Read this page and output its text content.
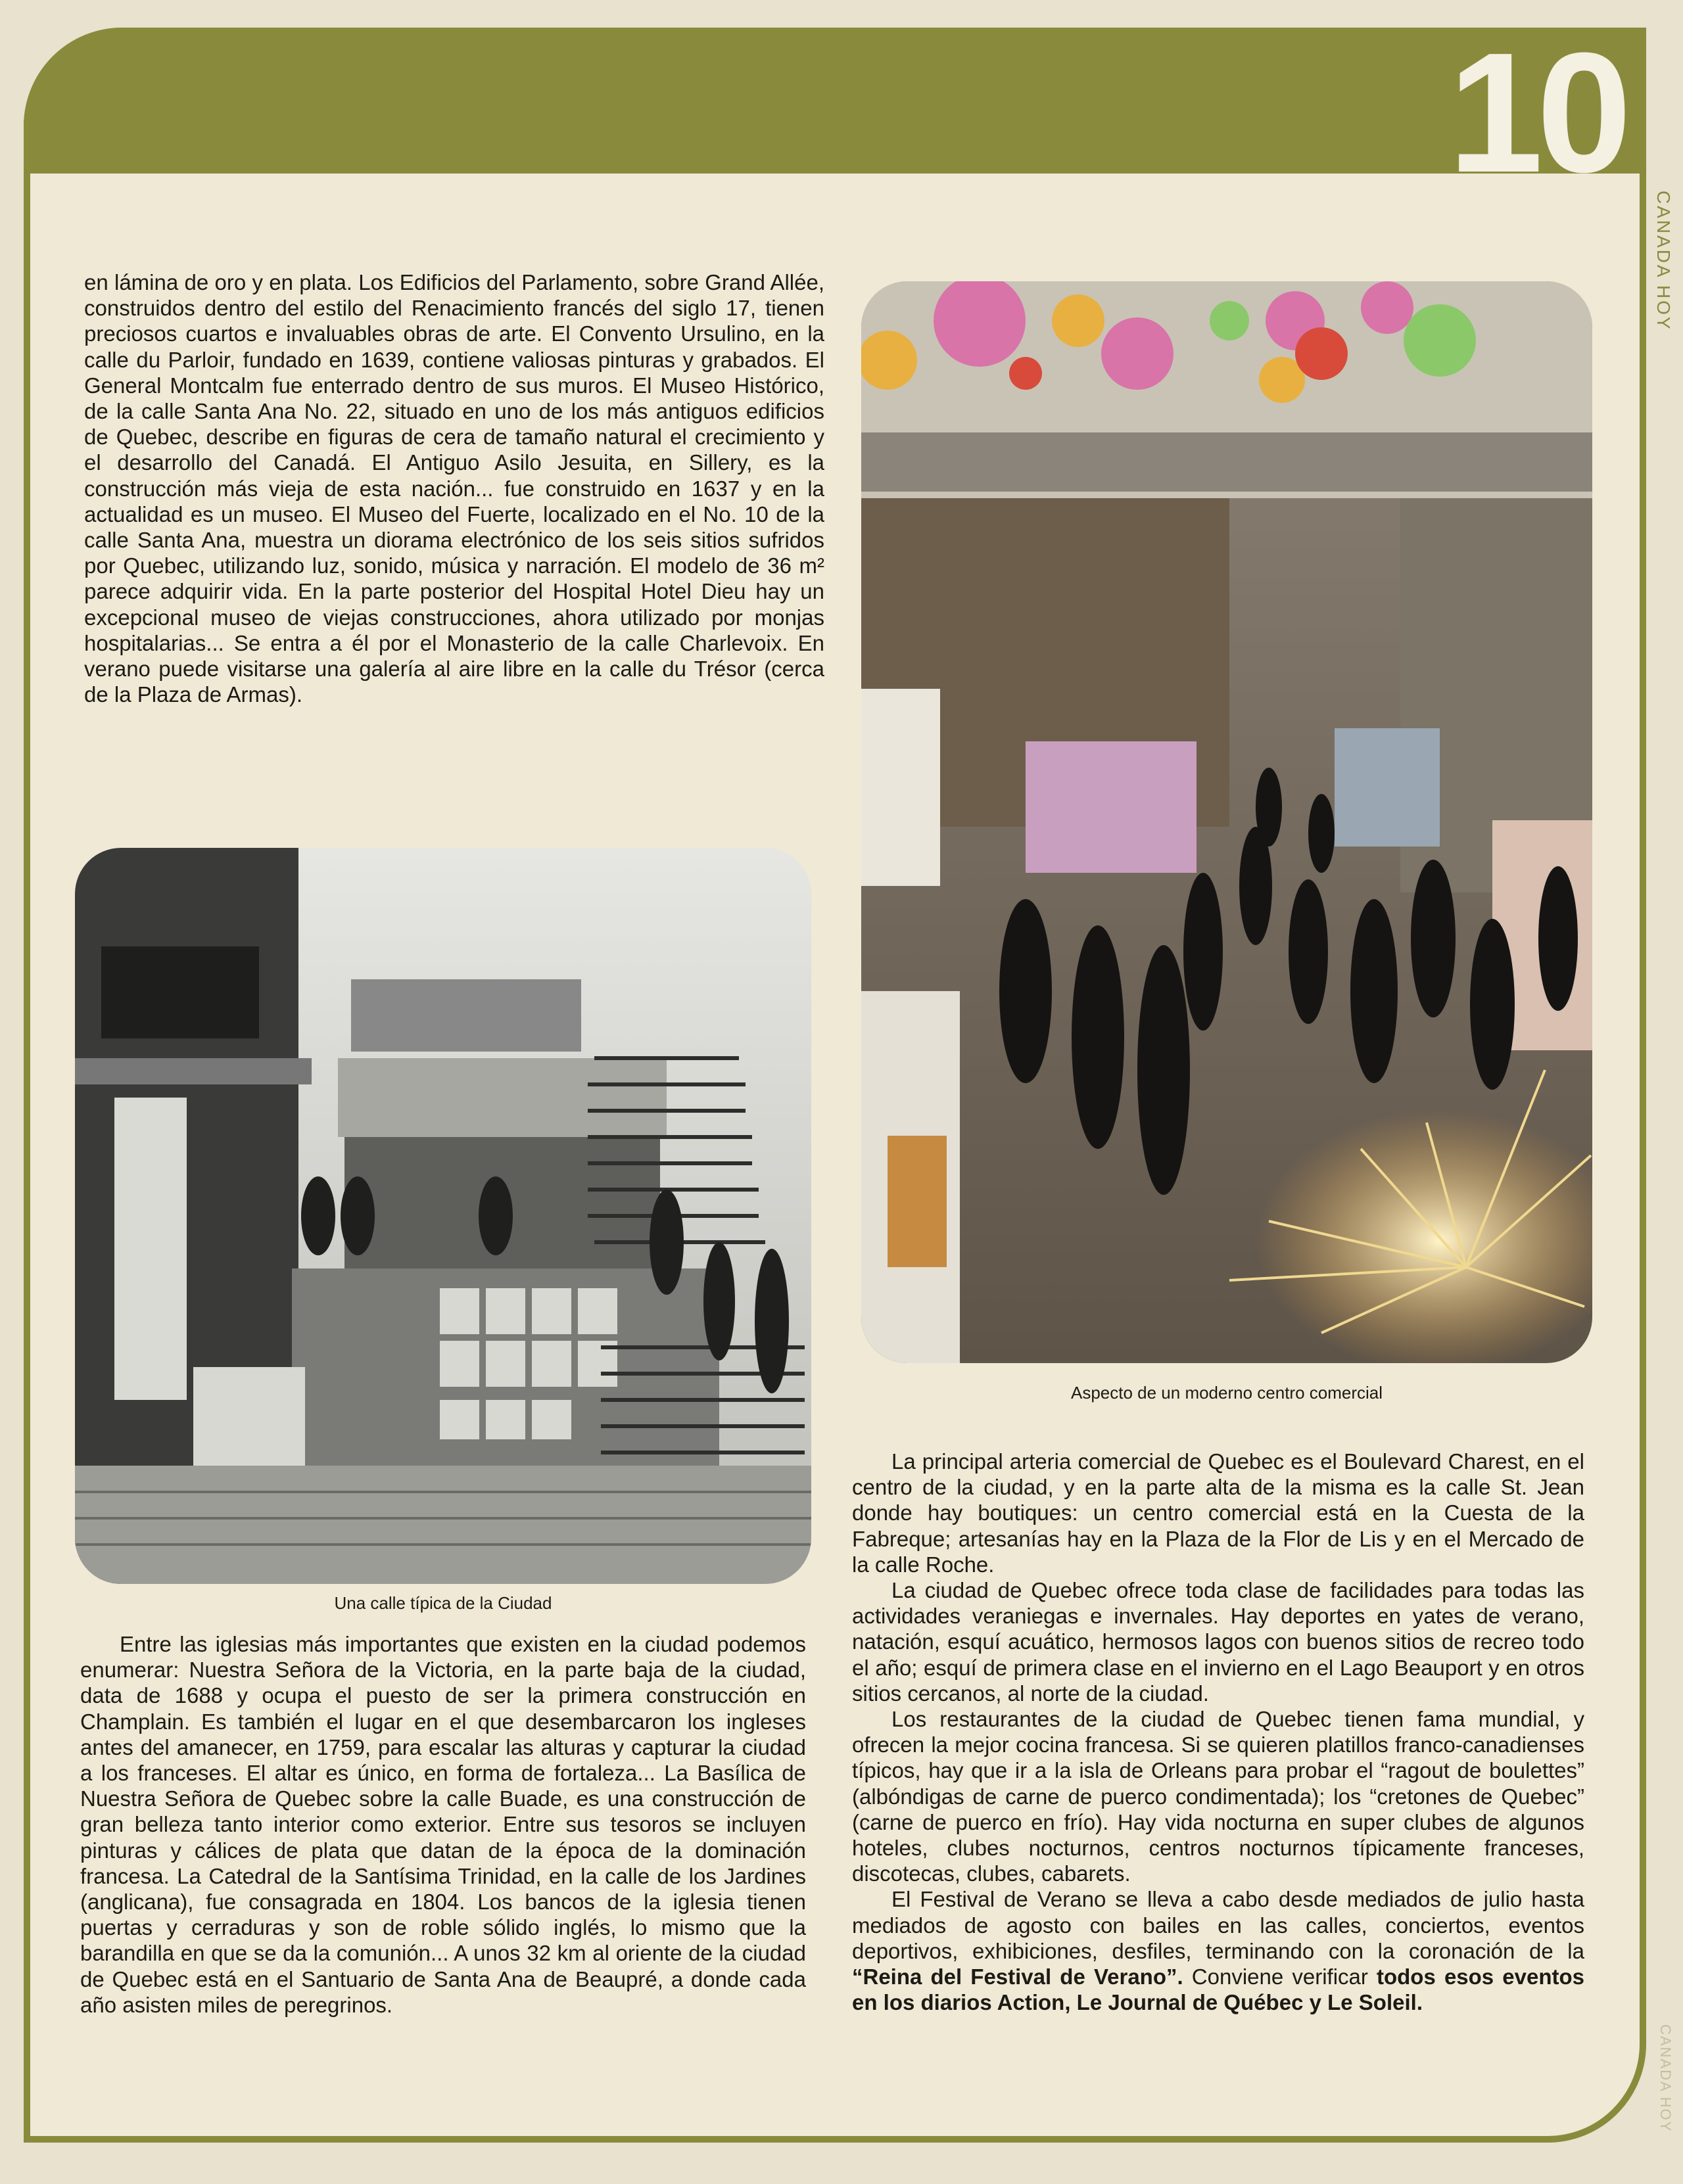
10
CANADA HOY
CANADA HOY

en lámina de oro y en plata. Los Edificios del Parlamento, sobre Grand Allée, construidos dentro del estilo del Renacimiento francés del siglo 17, tienen preciosos cuartos e invaluables obras de arte. El Convento Ursulino, en la calle du Parloir, fundado en 1639, contiene valiosas pinturas y grabados. El General Montcalm fue enterrado dentro de sus muros. El Museo Histórico, de la calle Santa Ana No. 22, situado en uno de los más antiguos edificios de Quebec, describe en figuras de cera de tamaño natural el crecimiento y el desarrollo del Canadá. El Antiguo Asilo Jesuita, en Sillery, es la construcción más vieja de esta nación... fue construido en 1637 y en la actualidad es un museo. El Museo del Fuerte, localizado en el No. 10 de la calle Santa Ana, muestra un diorama electrónico de los seis sitios sufridos por Quebec, utilizando luz, sonido, música y narración. El modelo de 36 m² parece adquirir vida. En la parte posterior del Hospital Hotel Dieu hay un excepcional museo de viejas construcciones, ahora utilizado por monjas hospitalarias... Se entra a él por el Monasterio de la calle Charlevoix. En verano puede visitarse una galería al aire libre en la calle du Trésor (cerca de la Plaza de Armas).

Una calle típica de la Ciudad

Entre las iglesias más importantes que existen en la ciudad podemos enumerar: Nuestra Señora de la Victoria, en la parte baja de la ciudad, data de 1688 y ocupa el puesto de ser la primera construcción en Champlain. Es también el lugar en el que desembarcaron los ingleses antes del amanecer, en 1759, para escalar las alturas y capturar la ciudad a los franceses. El altar es único, en forma de fortaleza... La Basílica de Nuestra Señora de Quebec sobre la calle Buade, es una construcción de gran belleza tanto interior como exterior. Entre sus tesoros se incluyen pinturas y cálices de plata que datan de la época de la dominación francesa. La Catedral de la Santísima Trinidad, en la calle de los Jardines (anglicana), fue consagrada en 1804. Los bancos de la iglesia tienen puertas y cerraduras y son de roble sólido inglés, lo mismo que la barandilla en que se da la comunión... A unos 32 km al oriente de la ciudad de Quebec está en el Santuario de Santa Ana de Beaupré, a donde cada año asisten miles de peregrinos.

Aspecto de un moderno centro comercial

La principal arteria comercial de Quebec es el Boulevard Charest, en el centro de la ciudad, y en la parte alta de la misma es la calle St. Jean donde hay boutiques: un centro comercial está en la Cuesta de la Fabreque; artesanías hay en la Plaza de la Flor de Lis y en el Mercado de la calle Roche.

La ciudad de Quebec ofrece toda clase de facilidades para todas las actividades veraniegas e invernales. Hay deportes en yates de verano, natación, esquí acuático, hermosos lagos con buenos sitios de recreo todo el año; esquí de primera clase en el invierno en el Lago Beauport y en otros sitios cercanos, al norte de la ciudad.

Los restaurantes de la ciudad de Quebec tienen fama mundial, y ofrecen la mejor cocina francesa. Si se quieren platillos franco-canadienses típicos, hay que ir a la isla de Orleans para probar el “ragout de boulettes” (albóndigas de carne de puerco condimentada); los “cretones de Quebec” (carne de puerco en frío). Hay vida nocturna en super clubes de algunos hoteles, clubes nocturnos, centros nocturnos típicamente franceses, discotecas, clubes, cabarets.

El Festival de Verano se lleva a cabo desde mediados de julio hasta mediados de agosto con bailes en las calles, conciertos, eventos deportivos, exhibiciones, desfiles, terminando con la coronación de la “Reina del Festival de Verano”. Conviene verificar todos esos eventos en los diarios Action, Le Journal de Québec y Le Soleil.
